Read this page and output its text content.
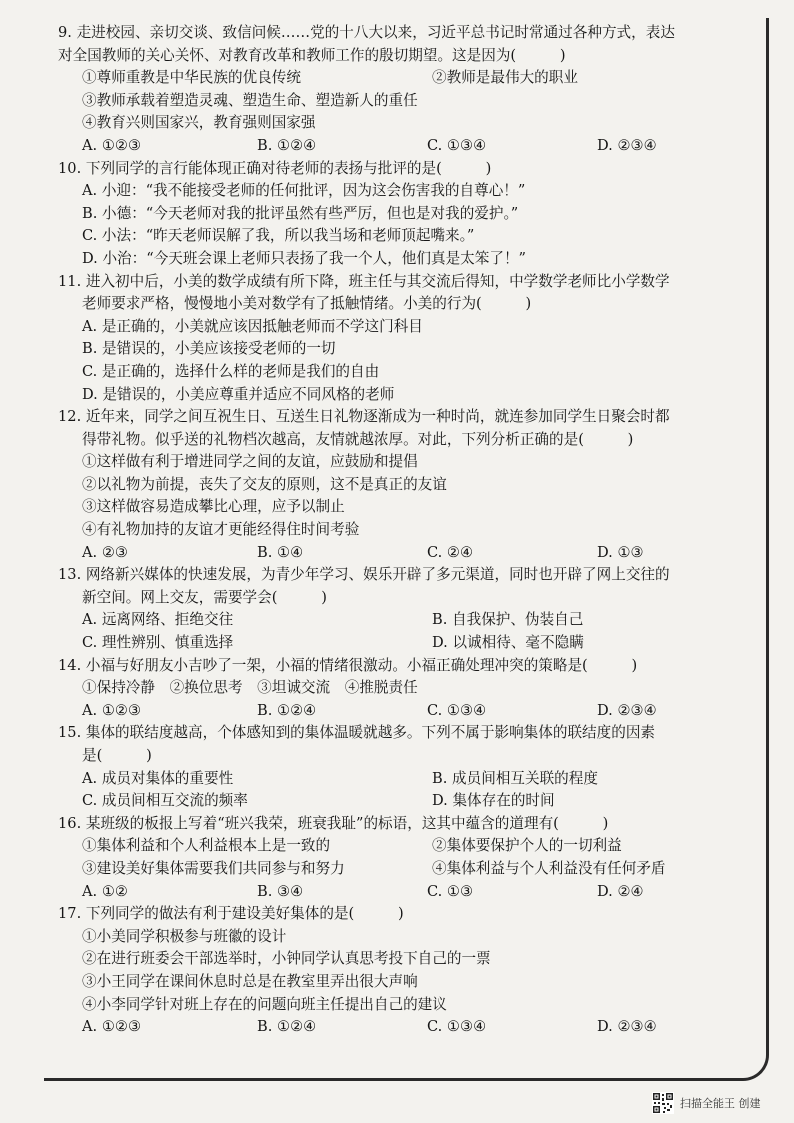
9. 走进校园、亲切交谈、致信问候……党的十八大以来，习近平总书记时常通过各种方式，表达
对全国教师的关心关怀、对教育改革和教师工作的殷切期望。这是因为(　　　)
①尊师重教是中华民族的优良传统	②教师是最伟大的职业
③教师承载着塑造灵魂、塑造生命、塑造新人的重任
④教育兴则国家兴，教育强则国家强
A. ①②③	B. ①②④	C. ①③④	D. ②③④
10. 下列同学的言行能体现正确对待老师的表扬与批评的是(　　　)
A. 小迎：“我不能接受老师的任何批评，因为这会伤害我的自尊心！”
B. 小德：“今天老师对我的批评虽然有些严厉，但也是对我的爱护。”
C. 小法：“昨天老师误解了我，所以我当场和老师顶起嘴来。”
D. 小治：“今天班会课上老师只表扬了我一个人，他们真是太笨了！”
11. 进入初中后，小美的数学成绩有所下降，班主任与其交流后得知，中学数学老师比小学数学
老师要求严格，慢慢地小美对数学有了抵触情绪。小美的行为(　　　)
A. 是正确的，小美就应该因抵触老师而不学这门科目
B. 是错误的，小美应该接受老师的一切
C. 是正确的，选择什么样的老师是我们的自由
D. 是错误的，小美应尊重并适应不同风格的老师
12. 近年来，同学之间互祝生日、互送生日礼物逐渐成为一种时尚，就连参加同学生日聚会时都
得带礼物。似乎送的礼物档次越高，友情就越浓厚。对此，下列分析正确的是(　　　)
①这样做有利于增进同学之间的友谊，应鼓励和提倡
②以礼物为前提，丧失了交友的原则，这不是真正的友谊
③这样做容易造成攀比心理，应予以制止
④有礼物加持的友谊才更能经得住时间考验
A. ②③	B. ①④	C. ②④	D. ①③
13. 网络新兴媒体的快速发展，为青少年学习、娱乐开辟了多元渠道，同时也开辟了网上交往的
新空间。网上交友，需要学会(　　　)
A. 远离网络、拒绝交往	B. 自我保护、伪装自己
C. 理性辨别、慎重选择	D. 以诚相待、毫不隐瞒
14. 小福与好朋友小吉吵了一架，小福的情绪很激动。小福正确处理冲突的策略是(　　　)
①保持冷静　②换位思考　③坦诚交流　④推脱责任
A. ①②③	B. ①②④	C. ①③④	D. ②③④
15. 集体的联结度越高，个体感知到的集体温暖就越多。下列不属于影响集体的联结度的因素
是(　　　)
A. 成员对集体的重要性	B. 成员间相互关联的程度
C. 成员间相互交流的频率	D. 集体存在的时间
16. 某班级的板报上写着“班兴我荣，班衰我耻”的标语，这其中蕴含的道理有(　　　)
①集体利益和个人利益根本上是一致的	②集体要保护个人的一切利益
③建设美好集体需要我们共同参与和努力	④集体利益与个人利益没有任何矛盾
A. ①②	B. ③④	C. ①③	D. ②④
17. 下列同学的做法有利于建设美好集体的是(　　　)
①小美同学积极参与班徽的设计
②在进行班委会干部选举时，小钟同学认真思考投下自己的一票
③小王同学在课间休息时总是在教室里弄出很大声响
④小李同学针对班上存在的问题向班主任提出自己的建议
A. ①②③	B. ①②④	C. ①③④	D. ②③④
扫描全能王 创建
